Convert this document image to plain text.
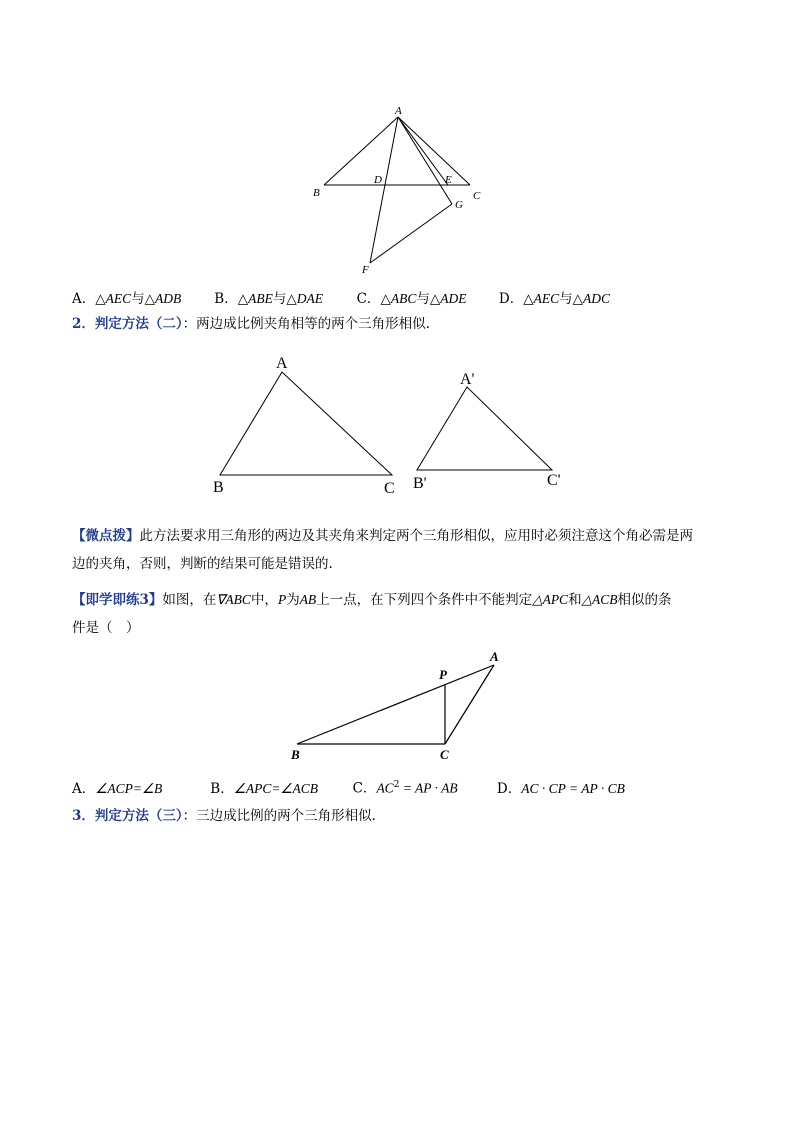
A
B
D	E
C
G
F
A．△AEC与△ADB B．△ABE与△DAE C．△ABC与△ADE D．△AEC与△ADC
2．判定方法（二）：两边成比例夹角相等的两个三角形相似.
A
B	C
A'
B'	C'
【微点拨】此方法要求用三角形的两边及其夹角来判定两个三角形相似，应用时必须注意这个角必需是两
边的夹角，否则，判断的结果可能是错误的.
【即学即练3】如图，在∇ABC中，P为AB上一点，在下列四个条件中不能判定△APC和△ACB相似的条
件是（　）
A
P
B	C
A．∠ACP=∠B	B．∠APC=∠ACB	C．$AC^2$ = AP · AB	D．AC · CP = AP · CB
3．判定方法（三）：三边成比例的两个三角形相似.
